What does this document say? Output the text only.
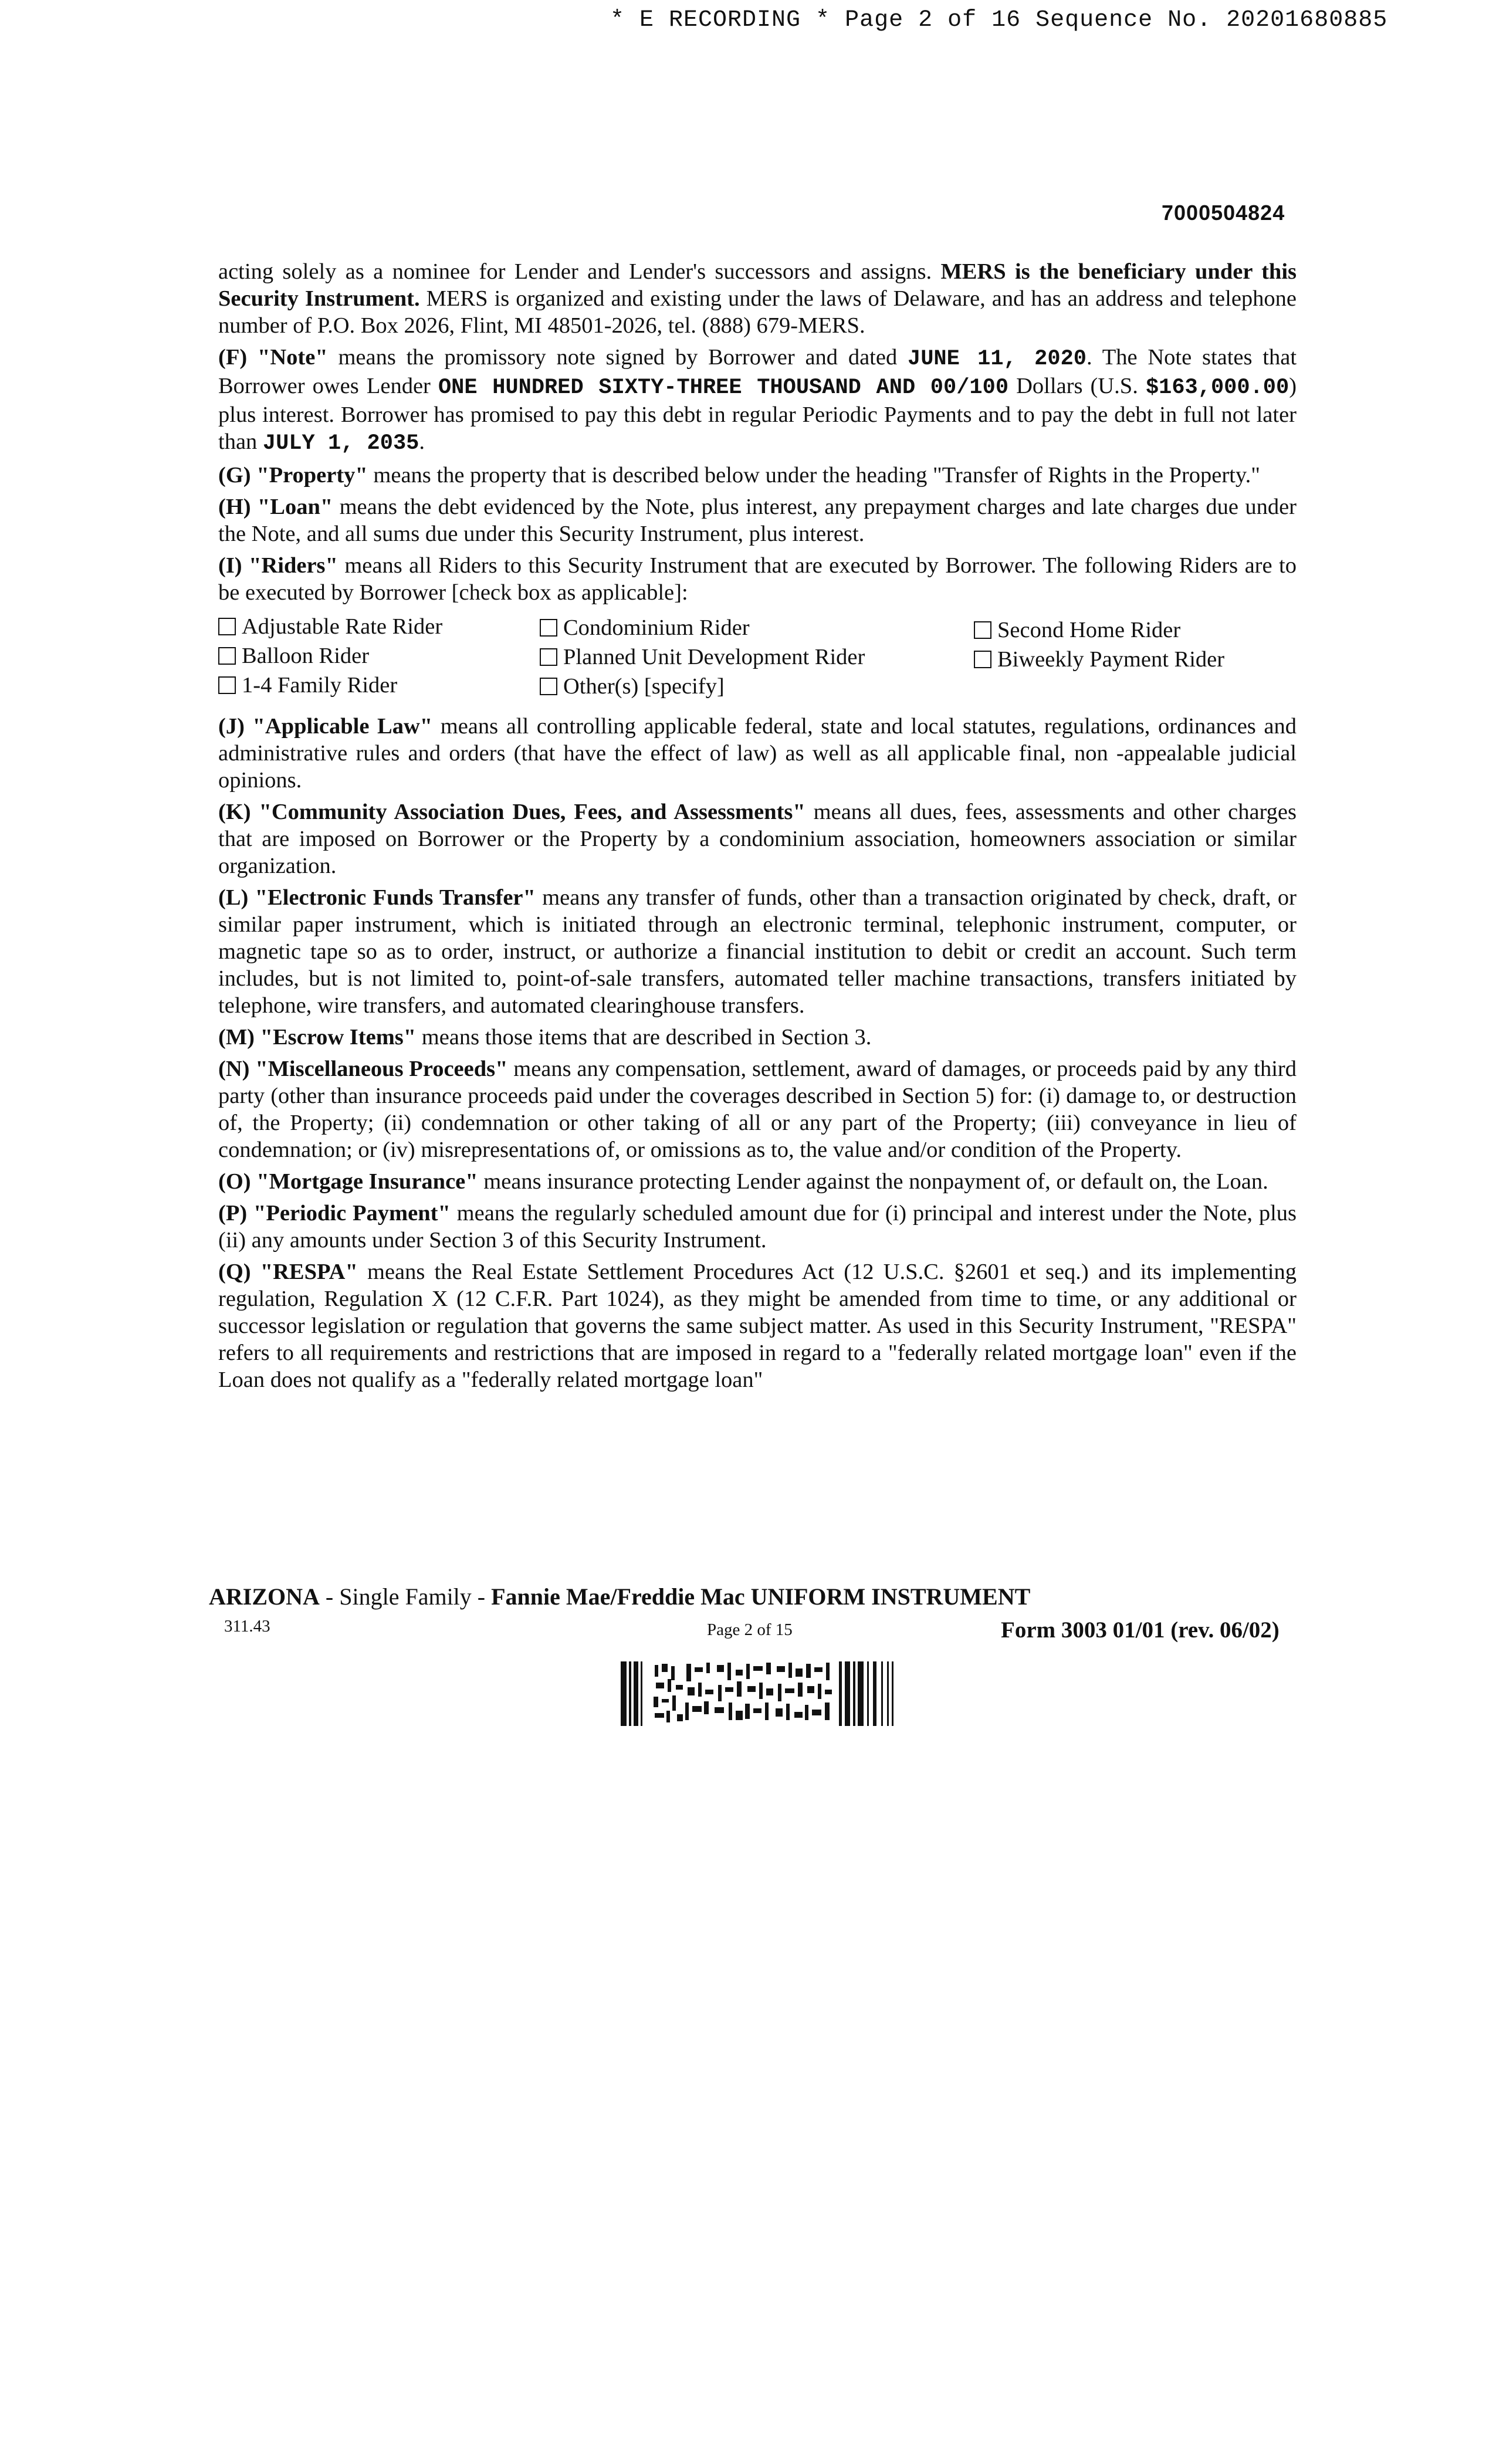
* E RECORDING * Page 2 of 16 Sequence No. 20201680885
7000504824

acting solely as a nominee for Lender and Lender's successors and assigns. MERS is the beneficiary under this Security Instrument. MERS is organized and existing under the laws of Delaware, and has an address and telephone number of P.O. Box 2026, Flint, MI 48501-2026, tel. (888) 679-MERS.

(F) "Note" means the promissory note signed by Borrower and dated JUNE 11, 2020. The Note states that Borrower owes Lender ONE HUNDRED SIXTY-THREE THOUSAND AND 00/100 Dollars (U.S. $163,000.00) plus interest. Borrower has promised to pay this debt in regular Periodic Payments and to pay the debt in full not later than JULY 1, 2035.

(G) "Property" means the property that is described below under the heading "Transfer of Rights in the Property."

(H) "Loan" means the debt evidenced by the Note, plus interest, any prepayment charges and late charges due under the Note, and all sums due under this Security Instrument, plus interest.

(I) "Riders" means all Riders to this Security Instrument that are executed by Borrower. The following Riders are to be executed by Borrower [check box as applicable]:

Adjustable Rate Rider
Balloon Rider
1-4 Family Rider
Condominium Rider
Planned Unit Development Rider
Other(s) [specify]
Second Home Rider
Biweekly Payment Rider

(J) "Applicable Law" means all controlling applicable federal, state and local statutes, regulations, ordinances and administrative rules and orders (that have the effect of law) as well as all applicable final, non -appealable judicial opinions.

(K) "Community Association Dues, Fees, and Assessments" means all dues, fees, assessments and other charges that are imposed on Borrower or the Property by a condominium association, homeowners association or similar organization.

(L) "Electronic Funds Transfer" means any transfer of funds, other than a transaction originated by check, draft, or similar paper instrument, which is initiated through an electronic terminal, telephonic instrument, computer, or magnetic tape so as to order, instruct, or authorize a financial institution to debit or credit an account. Such term includes, but is not limited to, point-of-sale transfers, automated teller machine transactions, transfers initiated by telephone, wire transfers, and automated clearinghouse transfers.

(M) "Escrow Items" means those items that are described in Section 3.

(N) "Miscellaneous Proceeds" means any compensation, settlement, award of damages, or proceeds paid by any third party (other than insurance proceeds paid under the coverages described in Section 5) for: (i) damage to, or destruction of, the Property; (ii) condemnation or other taking of all or any part of the Property; (iii) conveyance in lieu of condemnation; or (iv) misrepresentations of, or omissions as to, the value and/or condition of the Property.

(O) "Mortgage Insurance" means insurance protecting Lender against the nonpayment of, or default on, the Loan.

(P) "Periodic Payment" means the regularly scheduled amount due for (i) principal and interest under the Note, plus (ii) any amounts under Section 3 of this Security Instrument.

(Q) "RESPA" means the Real Estate Settlement Procedures Act (12 U.S.C. §2601 et seq.) and its implementing regulation, Regulation X (12 C.F.R. Part 1024), as they might be amended from time to time, or any additional or successor legislation or regulation that governs the same subject matter. As used in this Security Instrument, "RESPA" refers to all requirements and restrictions that are imposed in regard to a "federally related mortgage loan" even if the Loan does not qualify as a "federally related mortgage loan"

ARIZONA - Single Family - Fannie Mae/Freddie Mac UNIFORM INSTRUMENT
311.43	Page 2 of 15	Form 3003 01/01 (rev. 06/02)
